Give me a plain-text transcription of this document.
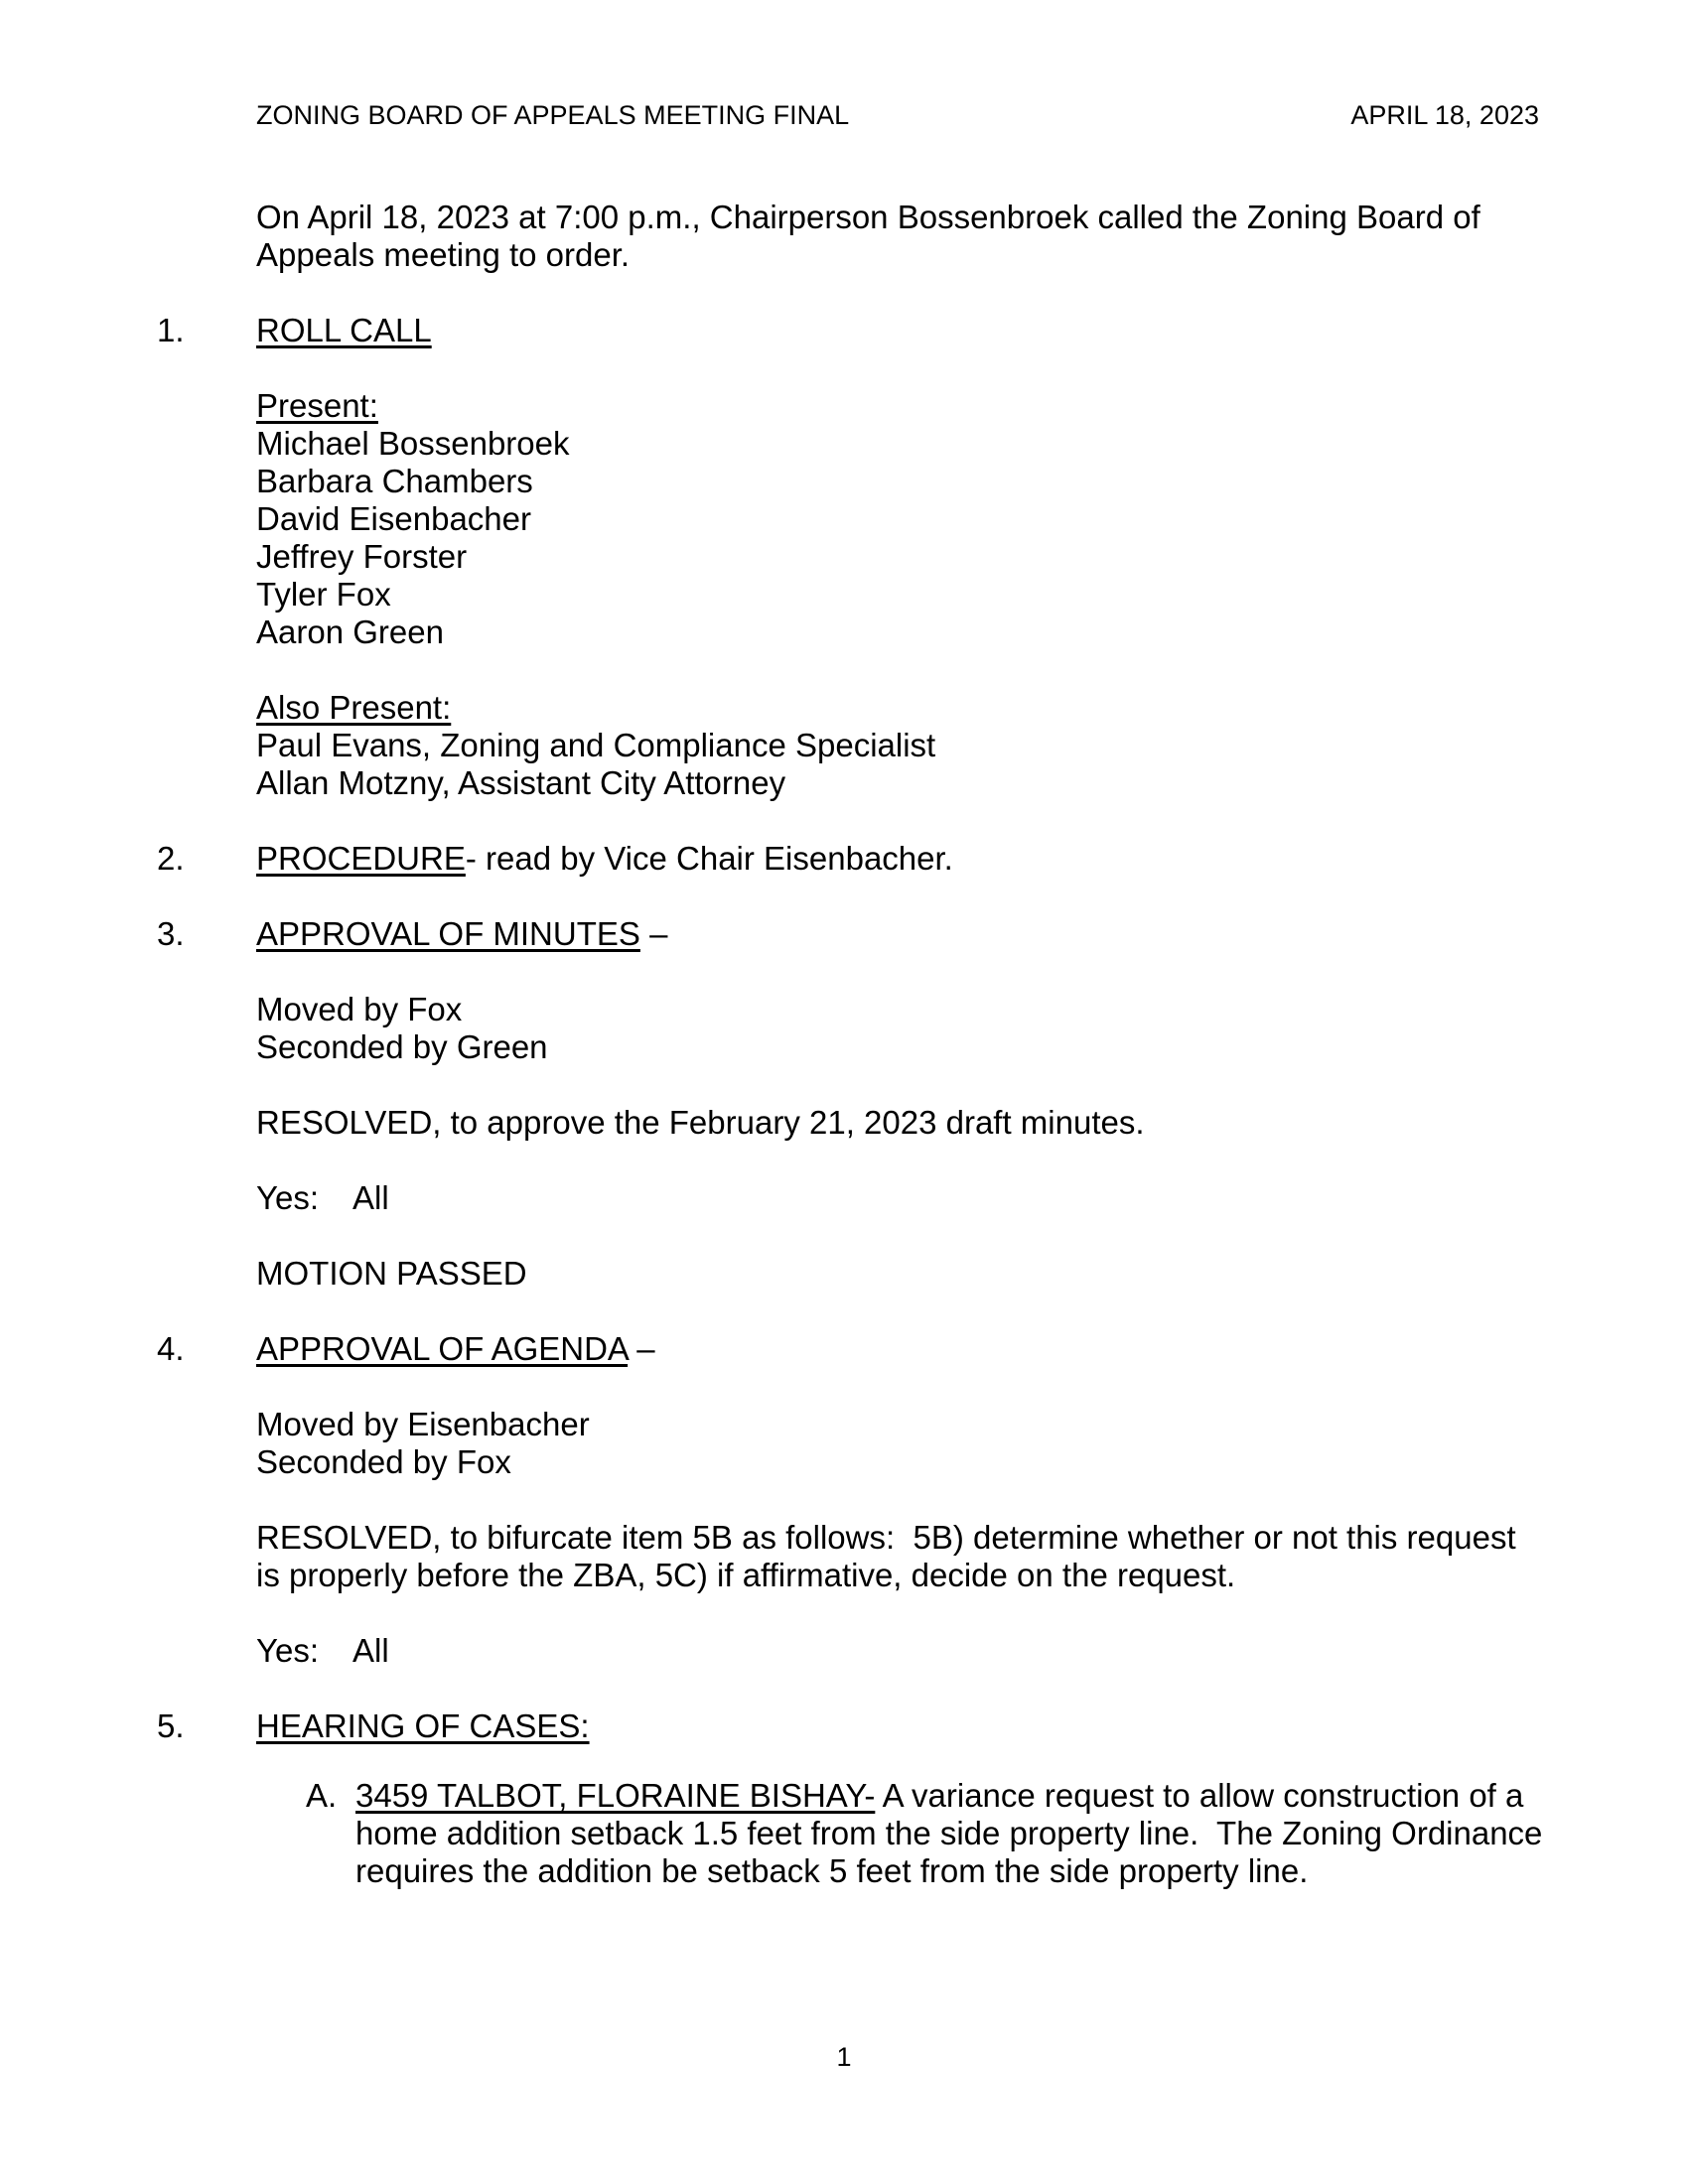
ZONING BOARD OF APPEALS MEETING FINAL	APRIL 18, 2023
On April 18, 2023 at 7:00 p.m., Chairperson Bossenbroek called the Zoning Board of
Appeals meeting to order.
1. ROLL CALL
Present:
Michael Bossenbroek
Barbara Chambers
David Eisenbacher
Jeffrey Forster
Tyler Fox
Aaron Green
Also Present:
Paul Evans, Zoning and Compliance Specialist
Allan Motzny, Assistant City Attorney
2. PROCEDURE- read by Vice Chair Eisenbacher.
3. APPROVAL OF MINUTES –
Moved by Fox
Seconded by Green
RESOLVED, to approve the February 21, 2023 draft minutes.
Yes: All
MOTION PASSED
4. APPROVAL OF AGENDA –
Moved by Eisenbacher
Seconded by Fox
RESOLVED, to bifurcate item 5B as follows:  5B) determine whether or not this request
is properly before the ZBA, 5C) if affirmative, decide on the request.
Yes: All
5. HEARING OF CASES:
A. 3459 TALBOT, FLORAINE BISHAY- A variance request to allow construction of a
home addition setback 1.5 feet from the side property line.  The Zoning Ordinance
requires the addition be setback 5 feet from the side property line.
1
